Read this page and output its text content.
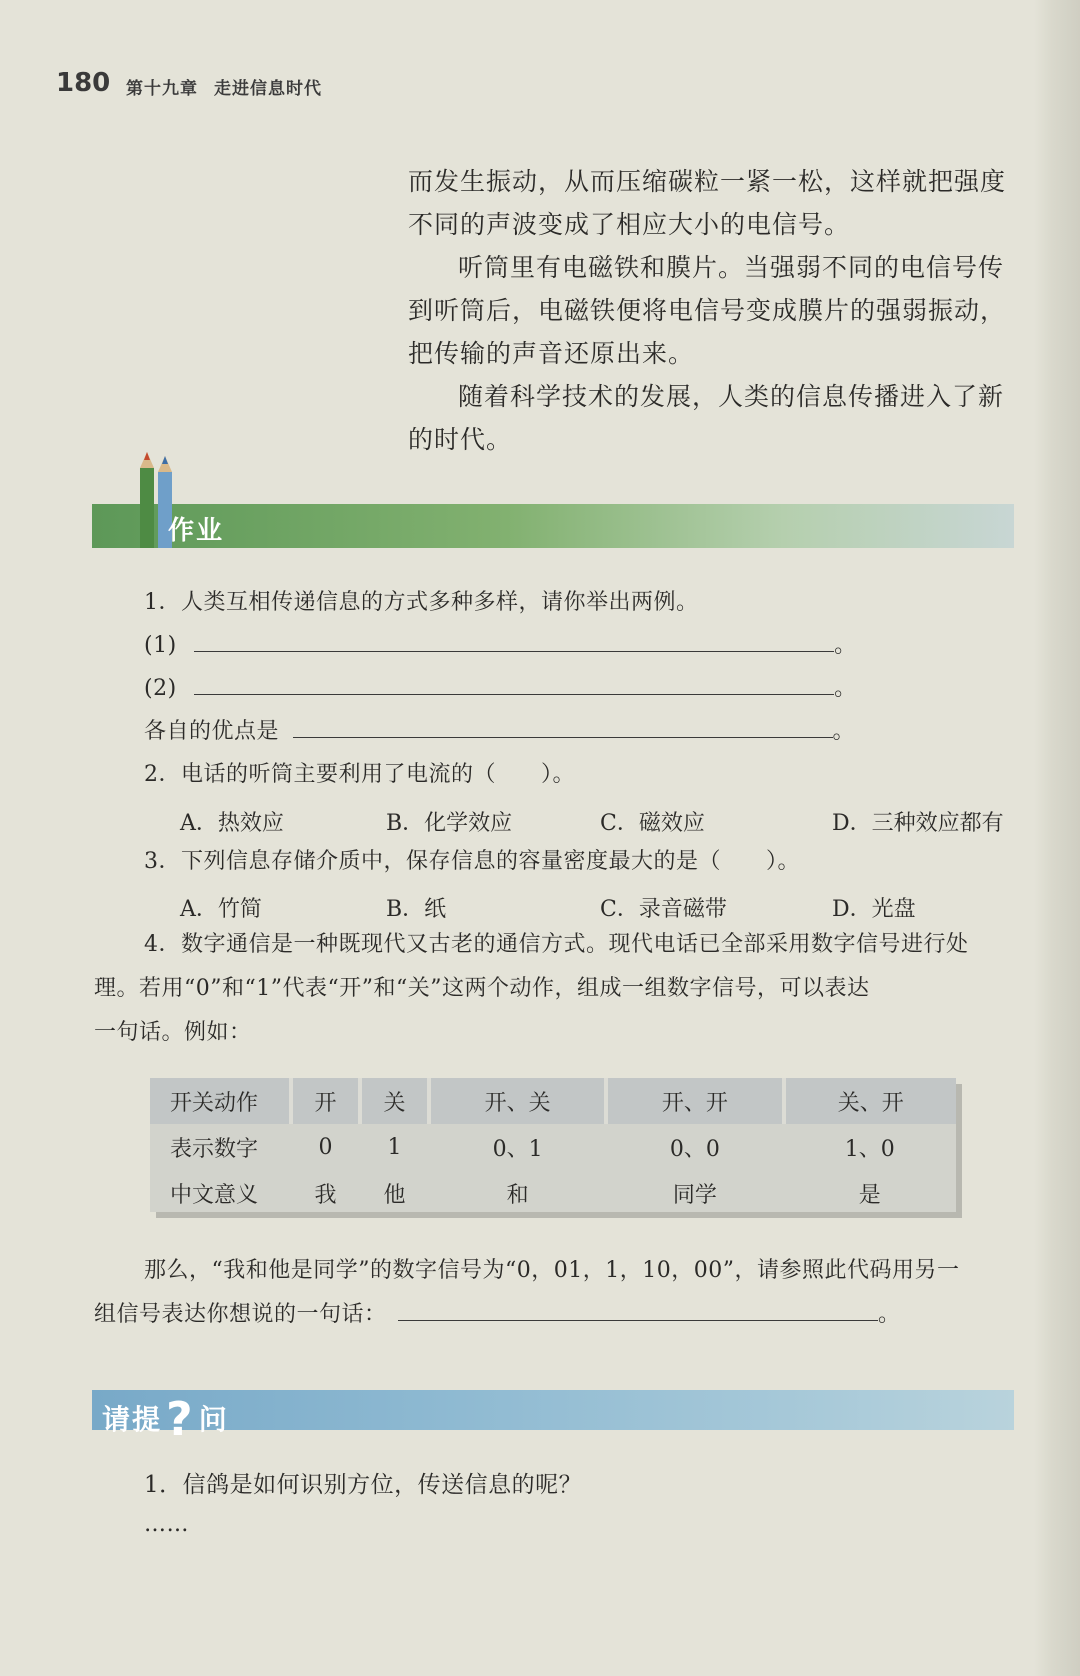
180 第十九章 走进信息时代

而发生振动，从而压缩碳粒一紧一松，这样就把强度不同的声波变成了相应大小的电信号。

听筒里有电磁铁和膜片。当强弱不同的电信号传到听筒后，电磁铁便将电信号变成膜片的强弱振动，把传输的声音还原出来。

随着科学技术的发展，人类的信息传播进入了新的时代。

作业
1．人类互相传递信息的方式多种多样，请你举出两例。
(1)	。
(2)	。
各自的优点是	。
2．电话的听筒主要利用了电流的（　　）。
A．热效应	B．化学效应	C．磁效应	D．三种效应都有
3．下列信息存储介质中，保存信息的容量密度最大的是（　　）。
A．竹简	B．纸	C．录音磁带	D．光盘
4．数字通信是一种既现代又古老的通信方式。现代电话已全部采用数字信号进行处
理。若用“0”和“1”代表“开”和“关”这两个动作，组成一组数字信号，可以表达
一句话。例如：
开关动作	开	关	开、关	开、开	关、开
表示数字	0	1	0、1	0、0	1、0
中文意义	我	他	和	同学	是
那么，“我和他是同学”的数字信号为“0，01，1，10，00”，请参照此代码用另一
组信号表达你想说的一句话：	。
请提? 问
1．信鸽是如何识别方位，传送信息的呢？
……
